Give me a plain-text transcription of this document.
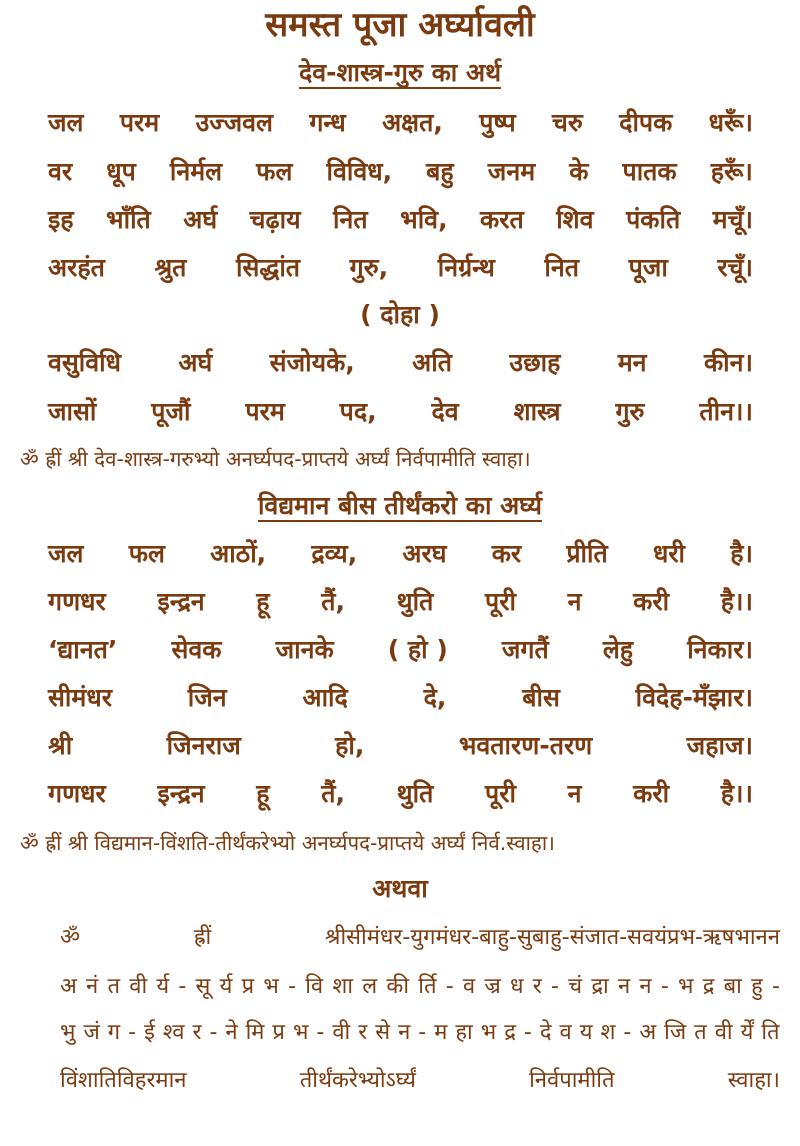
समस्त पूजा अर्घ्यावली
देव-शास्त्र-गुरु का अर्थ
जल परम उज्जवल गन्ध अक्षत, पुष्प चरु दीपक धरूँ।
वर धूप निर्मल फल विविध, बहु जनम के पातक हरूँ।
इह भाँति अर्घ चढ़ाय नित भवि, करत शिव पंकति मचूँ।
अरहंत श्रुत सिद्धांत गुरु, निर्ग्रन्थ नित पूजा रचूँ।
( दोहा )
वसुविधि अर्घ संजोयके, अति उछाह मन कीन।
जासों पूजौं परम पद, देव शास्त्र गुरु तीन।।
ॐ ह्रीं श्री देव-शास्त्र-गरुभ्यो अनर्घ्यपद-प्राप्तये अर्घ्यं निर्वपामीति स्वाहा।
विद्यमान बीस तीर्थंकरो का अर्घ्य
जल फल आठों, द्रव्य, अरघ कर प्रीति धरी है।
गणधर इन्द्रन हू तैं, थुति पूरी न करी है।।
‘द्यानत’ सेवक जानके ( हो ) जगतैं लेहु निकार।
सीमंधर	जिन	आदि	दे,	बीस	विदेह-मँझार।
श्री	जिनराज	हो,	भवतारण-तरण	जहाज।
गणधर इन्द्रन हू तैं, थुति पूरी न करी है।।
ॐ ह्रीं श्री विद्यमान-विंशति-तीर्थंकरेभ्यो अनर्घ्यपद-प्राप्तये अर्घ्यं निर्व.स्वाहा।
अथवा
ॐ	ह्रीं	श्रीसीमंधर-युगमंधर-बाहु-सुबाहु-संजात-सवयंप्रभ-ऋषभानन
अ नं त वी र्य - सू र्य प्र भ - वि शा ल की र्ति - व ज्र ध र - चं द्रा न न - भ द्र बा हु -
भु जं ग - ई श्व र - ने मि प्र भ - वी र से न - म हा भ द्र - दे व य श - अ जि त वी र्यें ति
विंशातिविहरमान	तीर्थंकरेभ्योऽर्घ्यं	निर्वपामीति	स्वाहा।
